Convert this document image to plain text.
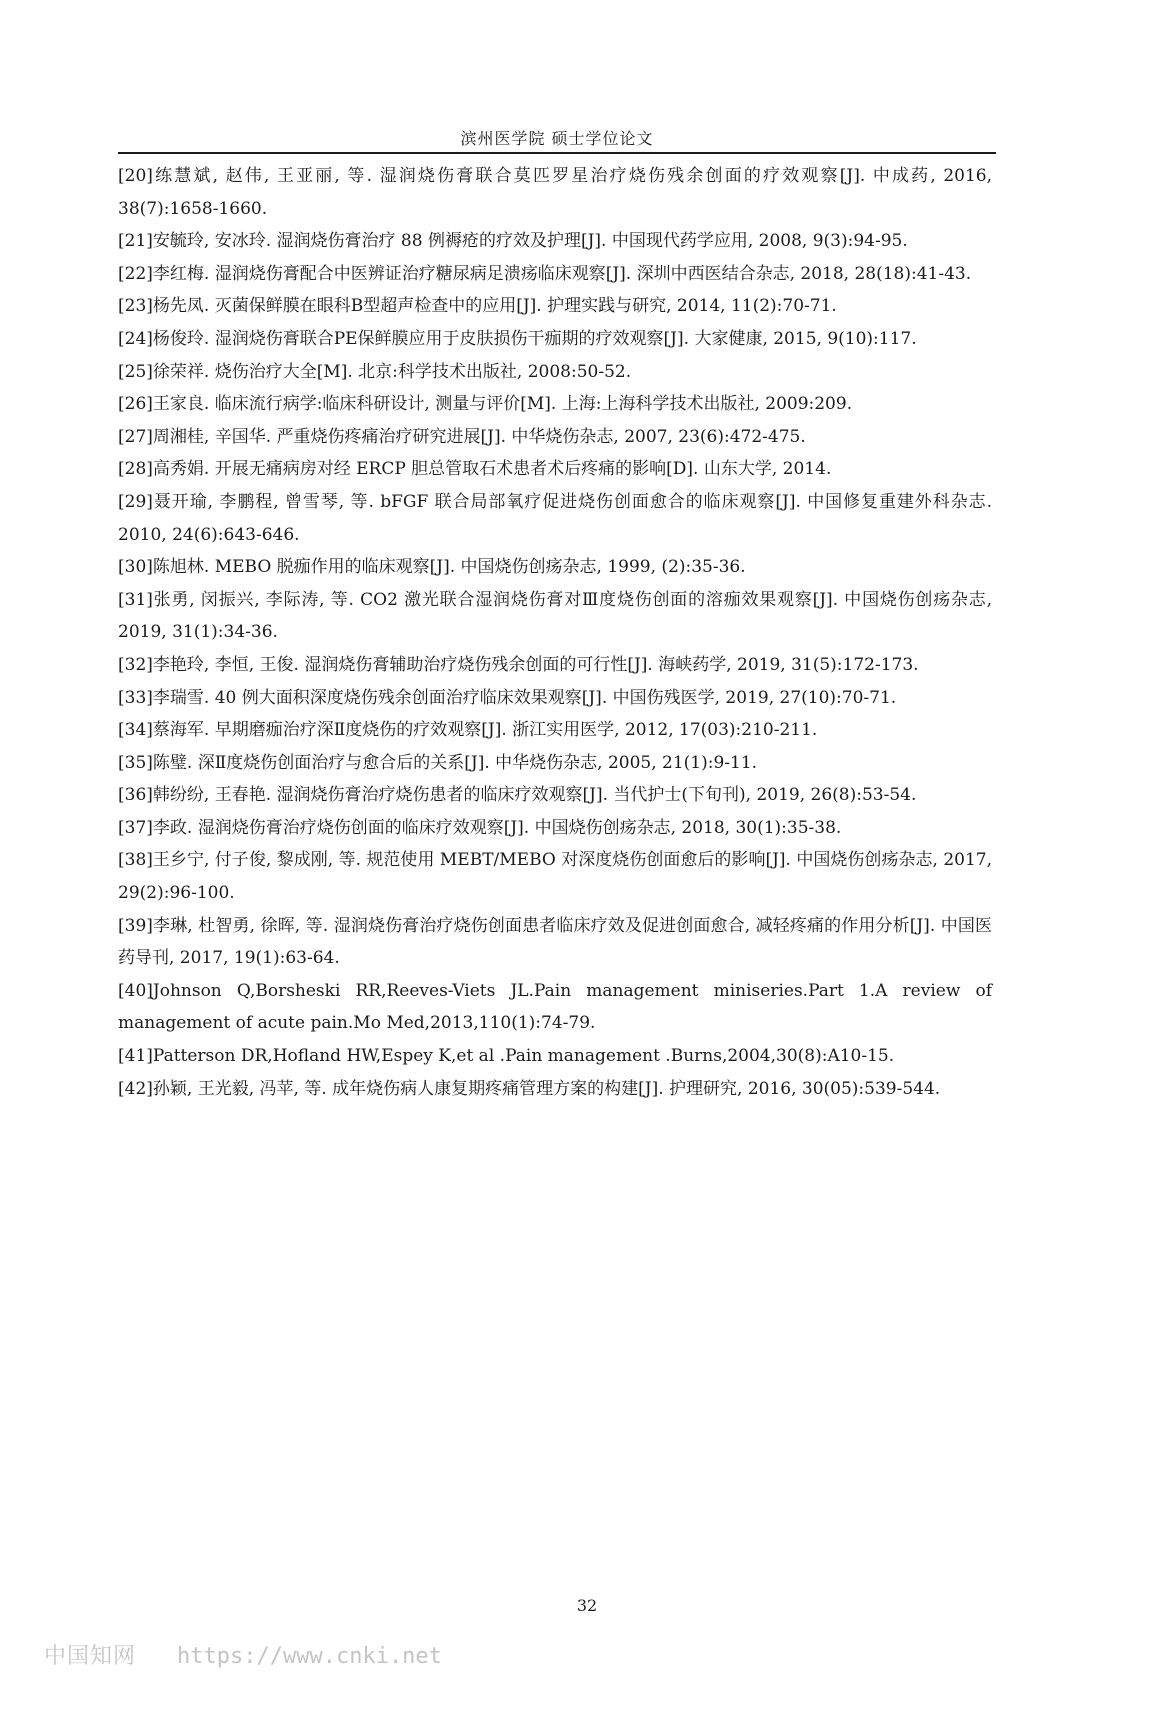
滨州医学院 硕士学位论文
[20]练慧斌, 赵伟, 王亚丽, 等. 湿润烧伤膏联合莫匹罗星治疗烧伤残余创面的疗效观察[J]. 中成药, 2016, 38(7):1658-1660.
[21]安毓玲, 安冰玲. 湿润烧伤膏治疗 88 例褥疮的疗效及护理[J]. 中国现代药学应用, 2008, 9(3):94-95.
[22]李红梅. 湿润烧伤膏配合中医辨证治疗糖尿病足溃疡临床观察[J]. 深圳中西医结合杂志, 2018, 28(18):41-43.
[23]杨先凤. 灭菌保鲜膜在眼科B型超声检查中的应用[J]. 护理实践与研究, 2014, 11(2):70-71.
[24]杨俊玲. 湿润烧伤膏联合PE保鲜膜应用于皮肤损伤干痂期的疗效观察[J]. 大家健康, 2015, 9(10):117.
[25]徐荣祥. 烧伤治疗大全[M]. 北京:科学技术出版社, 2008:50-52.
[26]王家良. 临床流行病学:临床科研设计, 测量与评价[M]. 上海:上海科学技术出版社, 2009:209.
[27]周湘桂, 辛国华. 严重烧伤疼痛治疗研究进展[J]. 中华烧伤杂志, 2007, 23(6):472-475.
[28]高秀娟. 开展无痛病房对经 ERCP 胆总管取石术患者术后疼痛的影响[D]. 山东大学, 2014.
[29]聂开瑜, 李鹏程, 曾雪琴, 等. bFGF 联合局部氧疗促进烧伤创面愈合的临床观察[J]. 中国修复重建外科杂志. 2010, 24(6):643-646.
[30]陈旭林. MEBO 脱痂作用的临床观察[J]. 中国烧伤创疡杂志, 1999, (2):35-36.
[31]张勇, 闵振兴, 李际涛, 等. CO2 激光联合湿润烧伤膏对Ⅲ度烧伤创面的溶痂效果观察[J]. 中国烧伤创疡杂志, 2019, 31(1):34-36.
[32]李艳玲, 李恒, 王俊. 湿润烧伤膏辅助治疗烧伤残余创面的可行性[J]. 海峡药学, 2019, 31(5):172-173.
[33]李瑞雪. 40 例大面积深度烧伤残余创面治疗临床效果观察[J]. 中国伤残医学, 2019, 27(10):70-71.
[34]蔡海军. 早期磨痂治疗深Ⅱ度烧伤的疗效观察[J]. 浙江实用医学, 2012, 17(03):210-211.
[35]陈璧. 深Ⅱ度烧伤创面治疗与愈合后的关系[J]. 中华烧伤杂志, 2005, 21(1):9-11.
[36]韩纷纷, 王春艳. 湿润烧伤膏治疗烧伤患者的临床疗效观察[J]. 当代护士(下旬刊), 2019, 26(8):53-54.
[37]李政. 湿润烧伤膏治疗烧伤创面的临床疗效观察[J]. 中国烧伤创疡杂志, 2018, 30(1):35-38.
[38]王乡宁, 付子俊, 黎成刚, 等. 规范使用 MEBT/MEBO 对深度烧伤创面愈后的影响[J]. 中国烧伤创疡杂志, 2017, 29(2):96-100.
[39]李琳, 杜智勇, 徐晖, 等. 湿润烧伤膏治疗烧伤创面患者临床疗效及促进创面愈合, 减轻疼痛的作用分析[J]. 中国医药导刊, 2017, 19(1):63-64.
[40]Johnson Q,Borsheski RR,Reeves-Viets JL.Pain management miniseries.Part 1.A review of management of acute pain.Mo Med,2013,110(1):74-79.
[41]Patterson DR,Hofland HW,Espey K,et al .Pain management .Burns,2004,30(8):A10-15.
[42]孙颖, 王光毅, 冯苹, 等. 成年烧伤病人康复期疼痛管理方案的构建[J]. 护理研究, 2016, 30(05):539-544.
32
中国知网 https://www.cnki.net
